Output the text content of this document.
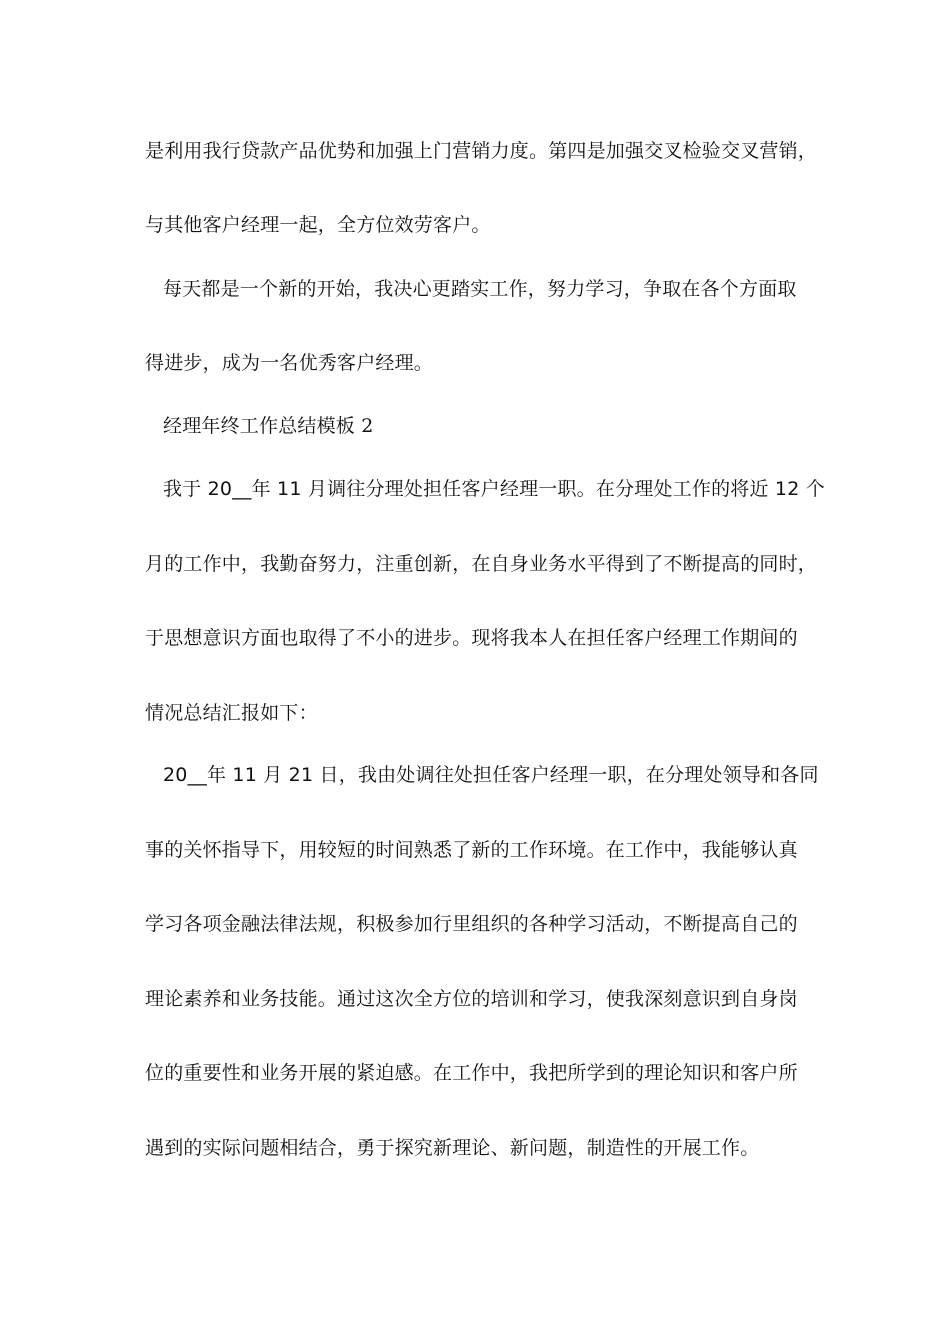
是利用我行贷款产品优势和加强上门营销力度。第四是加强交叉检验交叉营销，
与其他客户经理一起，全方位效劳客户。
每天都是一个新的开始，我决心更踏实工作，努力学习，争取在各个方面取
得进步，成为一名优秀客户经理。
经理年终工作总结模板 2
我于 20__年 11 月调往分理处担任客户经理一职。在分理处工作的将近 12 个
月的工作中，我勤奋努力，注重创新，在自身业务水平得到了不断提高的同时，
于思想意识方面也取得了不小的进步。现将我本人在担任客户经理工作期间的
情况总结汇报如下：
20__年 11 月 21 日，我由处调往处担任客户经理一职，在分理处领导和各同
事的关怀指导下，用较短的时间熟悉了新的工作环境。在工作中，我能够认真
学习各项金融法律法规，积极参加行里组织的各种学习活动，不断提高自己的
理论素养和业务技能。通过这次全方位的培训和学习，使我深刻意识到自身岗
位的重要性和业务开展的紧迫感。在工作中，我把所学到的理论知识和客户所
遇到的实际问题相结合，勇于探究新理论、新问题，制造性的开展工作。
